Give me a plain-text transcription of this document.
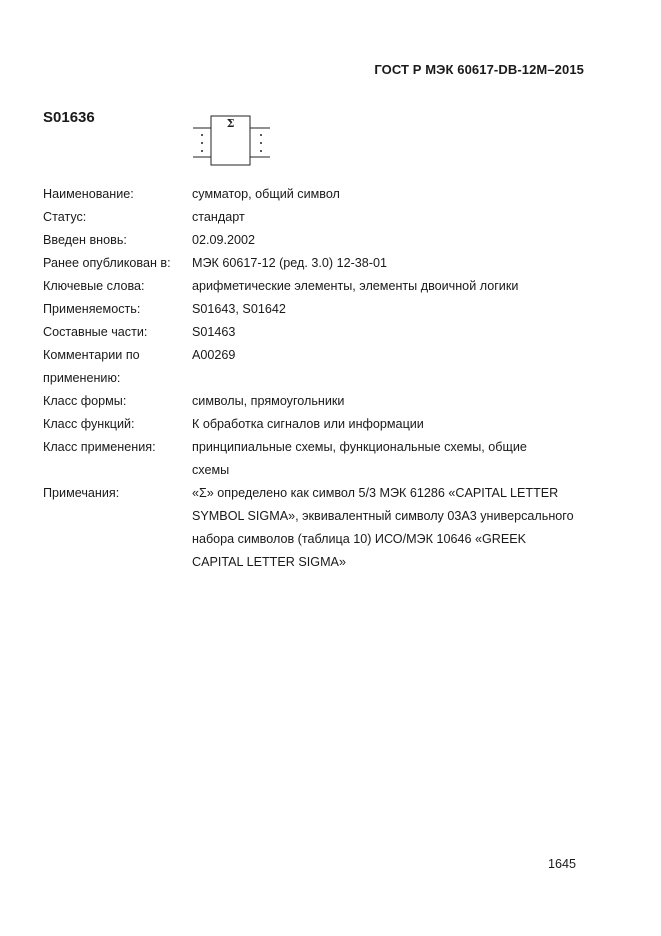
ГОСТ Р МЭК 60617-DB-12М–2015
S01636	Σ
Наименование:	сумматор, общий символ
Статус:	стандарт
Введен вновь:	02.09.2002
Ранее опубликован в:	МЭК 60617-12 (ред. 3.0) 12-38-01
Ключевые слова:	арифметические элементы, элементы двоичной логики
Применяемость:	S01643, S01642
Составные части:	S01463
Комментарии по применению:
A00269
Класс формы:	символы, прямоугольники
Класс функций:	К обработка сигналов или информации
Класс применения:	принципиальные схемы, функциональные схемы, общие схемы
Примечания:	«Σ» определено как символ 5/3 МЭК 61286 «CAPITAL LETTER SYMBOL SIGMA», эквивалентный символу 03A3 универсального набора символов (таблица 10) ИСО/МЭК 10646 «GREEK CAPITAL LETTER SIGMA»
1645
